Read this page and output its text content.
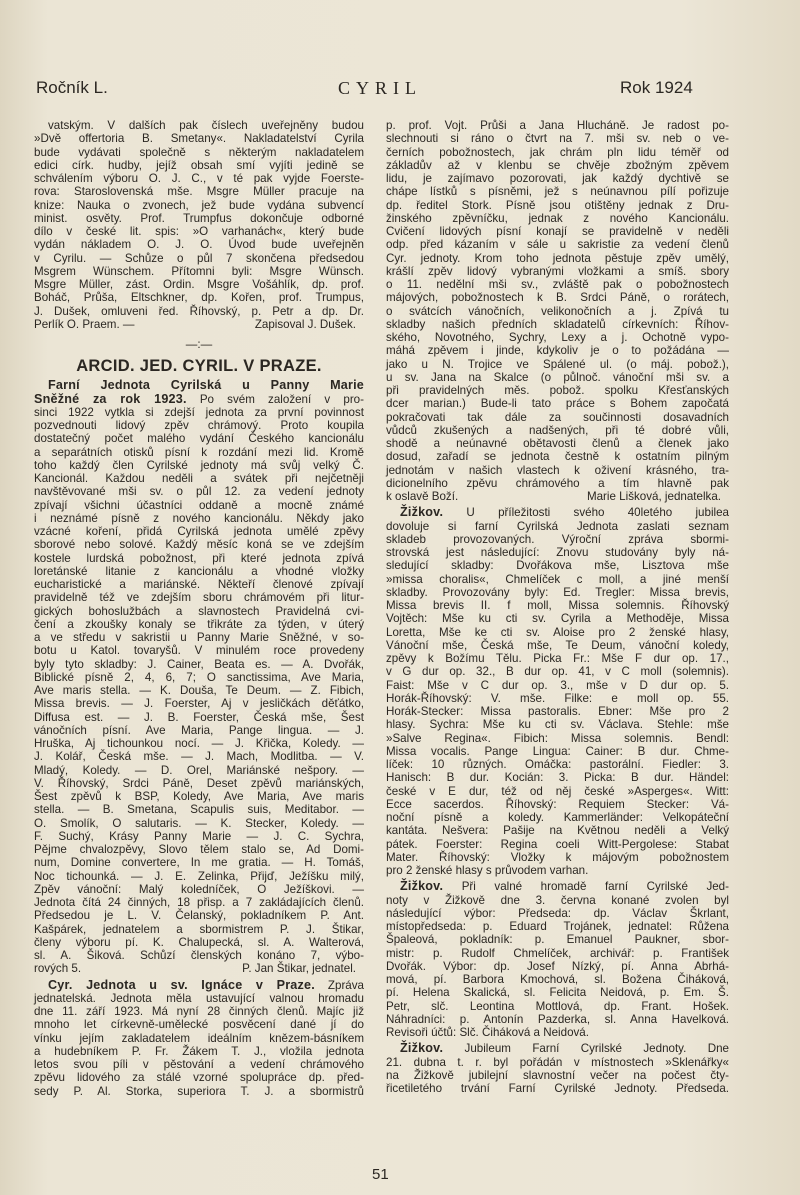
Ročník L.	CYRIL	Rok 1924
vatským. V dalších pak číslech uveřejněny budou
»Dvě offertoria B. Smetany«. Nakladatelství Cyrila
bude vydávati společně s některým nakladatelem
edici círk. hudby, jejíž obsah smí vyjíti jedině se
schválením výboru O. J. C., v té pak vyjde Foerste-
rova: Staroslovenská mše. Msgre Müller pracuje na
knize: Nauka o zvonech, jež bude vydána subvencí
minist. osvěty. Prof. Trumpfus dokončuje odborné
dílo v české lit. spis: »O varhanách«, který bude
vydán nákladem O. J. O. Úvod bude uveřejněn
v Cyrilu. — Schůze o půl 7 skončena předsedou
Msgrem Wünschem. Přítomni byli: Msgre Wünsch.
Msgre Müller, zást. Ordin. Msgre Vošáhlík, dp. prof.
Boháč, Průša, Eltschkner, dp. Kořen, prof. Trumpus,
J. Dušek, omluveni řed. Říhovský, p. Petr a dp. Dr.
Perlík O. Praem. —	Zapisoval J. Dušek.
—:—
ARCID. JED. CYRIL. V PRAZE.
Farní Jednota Cyrilská u Panny Marie
Sněžné za rok 1923. Po svém založení v pro-
sinci 1922 vytkla si zdejší jednota za první povinnost
pozvednouti lidový zpěv chrámový. Proto koupila
dostatečný počet malého vydání Českého kancionálu
a separátních otisků písní k rozdání mezi lid. Kromě
toho každý člen Cyrilské jednoty má svůj velký Č.
Kancionál. Každou neděli a svátek při nejčetněji
navštěvované mši sv. o půl 12. za vedení jednoty
zpívají všichni účastníci oddaně a mocně známé
i neznámé písně z nového kancionálu. Někdy jako
vzácné koření, přidá Cyrilská jednota umělé zpěvy
sborové nebo solové. Každý měsíc koná se ve zdejším
kostele lurdská pobožnost, při které jednota zpívá
loretánské litanie z kancionálu a vhodné vložky
eucharistické a mariánské. Někteří členové zpívají
pravidelně též ve zdejším sboru chrámovém při litur-
gických bohoslužbách a slavnostech Pravidelná cvi-
čení a zkoušky konaly se třikráte za týden, v úterý
a ve středu v sakristii u Panny Marie Sněžné, v so-
botu u Katol. tovaryšů. V minulém roce provedeny
byly tyto skladby: J. Cainer, Beata es. — A. Dvořák,
Biblické písně 2, 4, 6, 7; O sanctissima, Ave Maria,
Ave maris stella. — K. Douša, Te Deum. — Z. Fibich,
Missa brevis. — J. Foerster, Aj v jesličkách děťátko,
Diffusa est. — J. B. Foerster, Česká mše, Šest
vánočních písní. Ave Maria, Pange lingua. — J.
Hruška, Aj tichounkou nocí. — J. Křička, Koledy. —
J. Kolář, Česká mše. — J. Mach, Modlitba. — V.
Mladý, Koledy. — D. Orel, Mariánské nešpory. —
V. Říhovský, Srdci Páně, Deset zpěvů mariánských,
Šest zpěvů k BSP, Koledy, Ave Maria, Ave maris
stella. — B. Smetana, Scapulis suis, Meditabor. —
O. Smolík, O salutaris. — K. Stecker, Koledy. —
F. Suchý, Krásy Panny Marie — J. C. Sychra,
Pějme chvalozpěvy, Slovo tělem stalo se, Ad Domi-
num, Domine convertere, In me gratia. — H. Tomáš,
Noc tichounká. — J. E. Zelinka, Přijď, Ježíšku milý,
Zpěv vánoční: Malý koledníček, O Ježíškovi. —
Jednota čítá 24 činných, 18 přisp. a 7 zakládajících členů.
Předsedou je L. V. Čelanský, pokladníkem P. Ant.
Kašpárek, jednatelem a sbormistrem P. J. Štikar,
členy výboru pí. K. Chalupecká, sl. A. Walterová,
sl. A. Šiková. Schůzí členských konáno 7, výbo-
rových 5.	P. Jan Štikar, jednatel.
Cyr. Jednota u sv. Ignáce v Praze. Zpráva
jednatelská. Jednota měla ustavující valnou hromadu
dne 11. září 1923. Má nyní 28 činných členů. Majíc již
mnoho let církevně-umělecké posvěcení dané jí do
vínku jejím zakladatelem ideálním knězem-básníkem
a hudebníkem P. Fr. Žákem T. J., vložila jednota
letos svou píli v pěstování a vedení chrámového
zpěvu lidového za stálé vzorné spolupráce dp. před-
sedy P. Al. Storka, superiora T. J. a sbormistrů
p. prof. Vojt. Průši a Jana Hlucháně. Je radost po-
slechnouti si ráno o čtvrt na 7. mši sv. neb o ve-
černích pobožnostech, jak chrám pln lidu téměř od
základův až v klenbu se chvěje zbožným zpěvem
lidu, je zajímavo pozorovati, jak každý dychtivě se
chápe lístků s písněmi, jež s neúnavnou pílí pořizuje
dp. ředitel Stork. Písně jsou otištěny jednak z Dru-
žinského zpěvníčku, jednak z nového Kancionálu.
Cvičení lidových písní konají se pravidelně v neděli
odp. před kázaním v sále u sakristie za vedení členů
Cyr. jednoty. Krom toho jednota pěstuje zpěv umělý,
krášlí zpěv lidový vybranými vložkami a smíš. sbory
o 11. nedělní mši sv., zvláště pak o pobožnostech
májových, pobožnostech k B. Srdci Páně, o rorátech,
o svátcích vánočních, velikonočních a j. Zpívá tu
skladby našich předních skladatelů církevních: Říhov-
ského, Novotného, Sychry, Lexy a j. Ochotně vypo-
máhá zpěvem i jinde, kdykoliv je o to požádána —
jako u N. Trojice ve Spálené ul. (o máj. pobož.),
u sv. Jana na Skalce (o půlnoč. vánoční mši sv. a
při pravidelných měs. pobož. spolku Křesťanských
dcer marian.) Bude-li tato práce s Bohem započatá
pokračovati tak dále za součinnosti dosavadních
vůdců zkušených a nadšených, při té dobré vůli,
shodě a neúnavné obětavosti členů a členek jako
dosud, zařadí se jednota čestně k ostatním pilným
jednotám v našich vlastech k oživení krásného, tra-
dicionelního zpěvu chrámového a tím hlavně pak
k oslavě Boží.	Marie Lišková, jednatelka.
Žižkov. U příležitosti svého 40letého jubilea
dovoluje si farní Cyrilská Jednota zaslati seznam
skladeb provozovaných. Výroční zpráva sbormi-
strovská jest následující: Znovu studovány byly ná-
sledující skladby: Dvořákova mše, Lisztova mše
»missa choralis«, Chmelíček c moll, a jiné menší
skladby. Provozovány byly: Ed. Tregler: Missa brevis,
Missa brevis II. f moll, Missa solemnis. Říhovský
Vojtěch: Mše ku cti sv. Cyrila a Methoděje, Missa
Loretta, Mše ke cti sv. Aloise pro 2 ženské hlasy,
Vánoční mše, Česká mše, Te Deum, vánoční koledy,
zpěvy k Božímu Tělu. Picka Fr.: Mše F dur op. 17.,
v G dur op. 32., B dur op. 41, v C moll (solemnis).
Faist: Mše v C dur op. 3., mše v D dur op. 5.
Horák-Říhovský: V. mše. Filke: e moll op. 55.
Horák-Stecker: Missa pastoralis. Ebner: Mše pro 2
hlasy. Sychra: Mše ku cti sv. Václava. Stehle: mše
»Salve Regina«. Fibich: Missa solemnis. Bendl:
Missa vocalis. Pange Lingua: Cainer: B dur. Chme-
líček: 10 různých. Omáčka: pastorální. Fiedler: 3.
Hanisch: B dur. Kocián: 3. Picka: B dur. Händel:
české v E dur, též od něj české »Asperges«. Witt:
Ecce sacerdos. Říhovský: Requiem Stecker: Vá-
noční písně a koledy. Kammerländer: Velkopáteční
kantáta. Nešvera: Pašije na Květnou neděli a Velký
pátek. Foerster: Regina coeli Witt-Pergolese: Stabat
Mater. Říhovský: Vložky k májovým pobožnostem
pro 2 ženské hlasy s průvodem varhan.
Žižkov. Při valné hromadě farní Cyrilské Jed-
noty v Žižkově dne 3. června konané zvolen byl
následující výbor: Předseda: dp. Václav Škrlant,
místopředseda: p. Eduard Trojánek, jednatel: Růžena
Špaleová, pokladník: p. Emanuel Paukner, sbor-
mistr: p. Rudolf Chmelíček, archivář: p. František
Dvořák. Výbor: dp. Josef Nízký, pí. Anna Abrhá-
mová, pí. Barbora Kmochová, sl. Božena Čiháková,
pí. Helena Skalická, sl. Felicita Neidová, p. Em. Š.
Petr, slč. Leontina Mottlová, dp. Frant. Hošek.
Náhradníci: p. Antonín Pazderka, sl. Anna Havelková.
Revisoři účtů: Slč. Čiháková a Neidová.
Žižkov. Jubileum Farní Cyrilské Jednoty. Dne
21. dubna t. r. byl pořádán v místnostech »Sklenářky«
na Žižkově jubilejní slavnostní večer na počest čty-
řicetiletého trvání Farní Cyrilské Jednoty. Předseda.
51
